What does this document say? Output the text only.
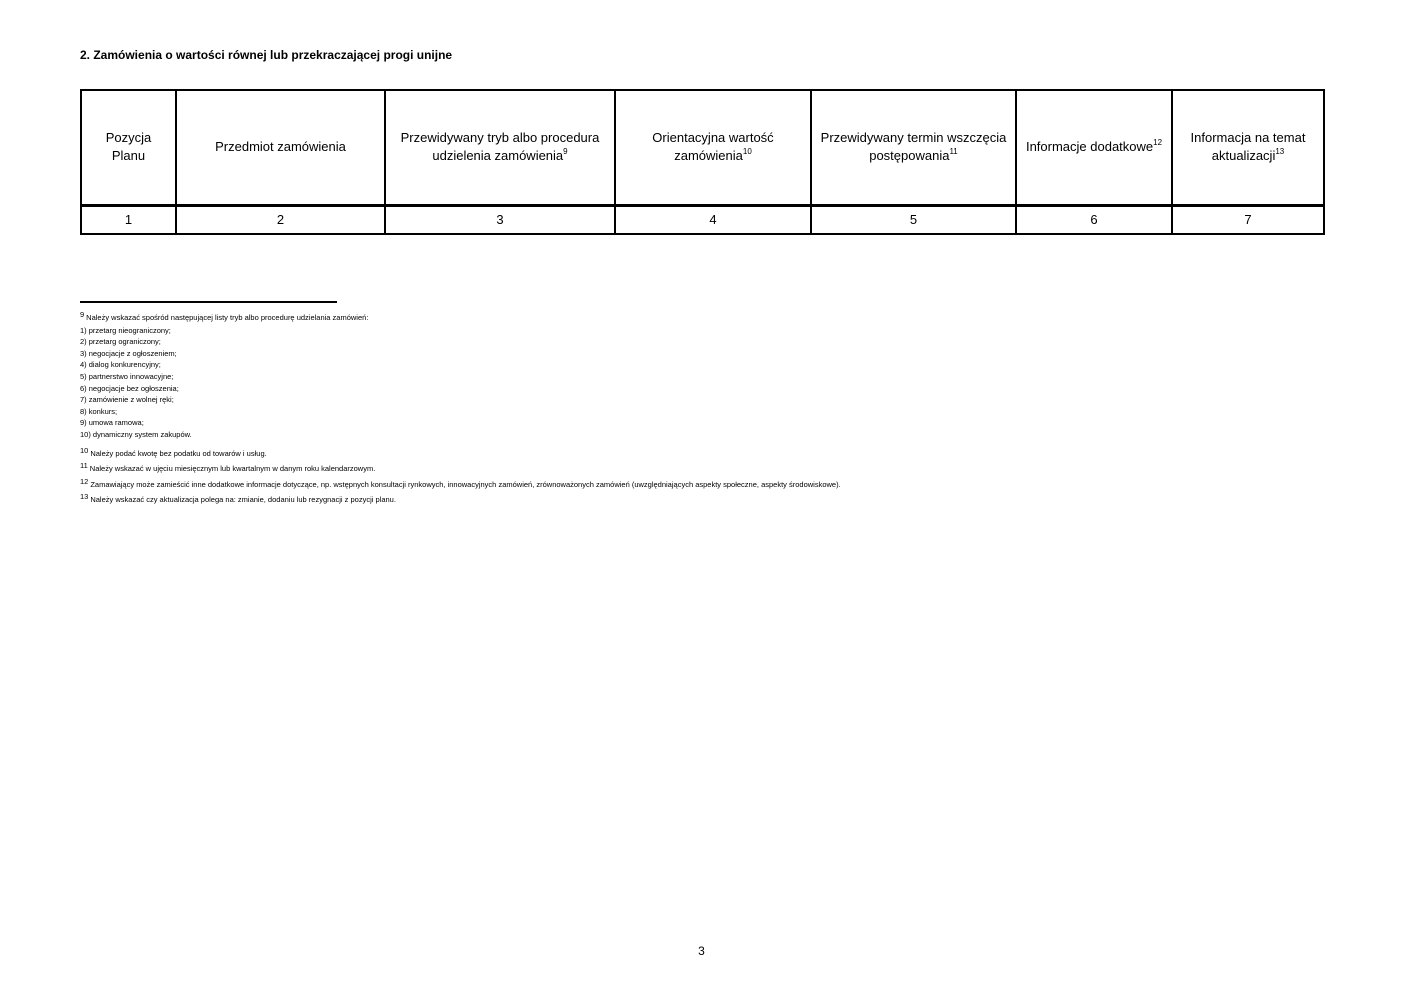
2. Zamówienia o wartości równej lub przekraczającej progi unijne
Pozycja Planu	Przedmiot zamówienia	Przewidywany tryb albo procedura udzielenia zamówienia$^9$	Orientacyjna wartość zamówienia$^{10}$	Przewidywany termin wszczęcia postępowania$^{11}$	Informacje dodatkowe$^{12}$	Informacja na temat aktualizacji$^{13}$
1	2	3	4	5	6	7
$^9$ Należy wskazać spośród następującej listy tryb albo procedurę udzielania zamówień:
1) przetarg nieograniczony;
2) przetarg ograniczony;
3) negocjacje z ogłoszeniem;
4) dialog konkurencyjny;
5) partnerstwo innowacyjne;
6) negocjacje bez ogłoszenia;
7) zamówienie z wolnej ręki;
8) konkurs;
9) umowa ramowa;
10) dynamiczny system zakupów.
$^{10}$ Należy podać kwotę bez podatku od towarów i usług.
$^{11}$ Należy wskazać w ujęciu miesięcznym lub kwartalnym w danym roku kalendarzowym.
$^{12}$ Zamawiający może zamieścić inne dodatkowe informacje dotyczące, np. wstępnych konsultacji rynkowych, innowacyjnych zamówień, zrównoważonych zamówień (uwzględniających aspekty społeczne, aspekty środowiskowe).
$^{13}$ Należy wskazać czy aktualizacja polega na: zmianie, dodaniu lub rezygnacji z pozycji planu.
3
